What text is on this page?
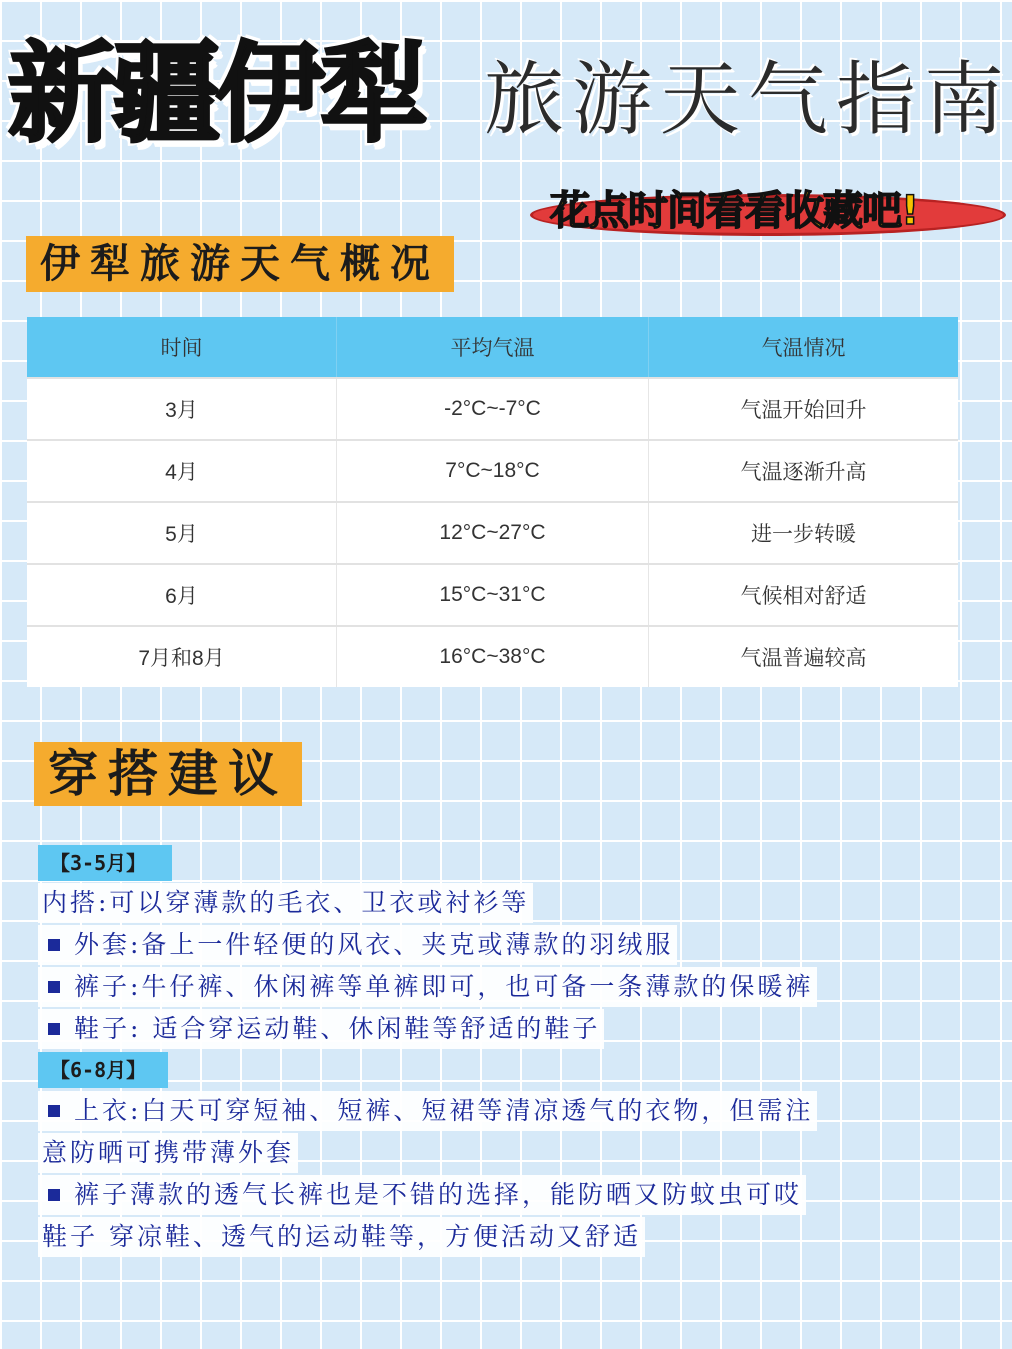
新疆伊犁 旅游天气指南
花点时间看看收藏吧!
伊犁旅游天气概况
时间	平均气温	气温情况
3月	-2°C~-7°C	气温开始回升
4月	7°C~18°C	气温逐渐升高
5月	12°C~27°C	进一步转暖
6月	15°C~31°C	气候相对舒适
7月和8月	16°C~38°C	气温普遍较高
穿搭建议
【3-5月】
内搭:可以穿薄款的毛衣、卫衣或衬衫等
外套:备上一件轻便的风衣、夹克或薄款的羽绒服
裤子:牛仔裤、休闲裤等单裤即可，也可备一条薄款的保暖裤
鞋子: 适合穿运动鞋、休闲鞋等舒适的鞋子
【6-8月】
上衣:白天可穿短袖、短裤、短裙等清凉透气的衣物，但需注
意防晒可携带薄外套
裤子薄款的透气长裤也是不错的选择，能防晒又防蚊虫可哎
鞋子 穿凉鞋、透气的运动鞋等，方便活动又舒适
